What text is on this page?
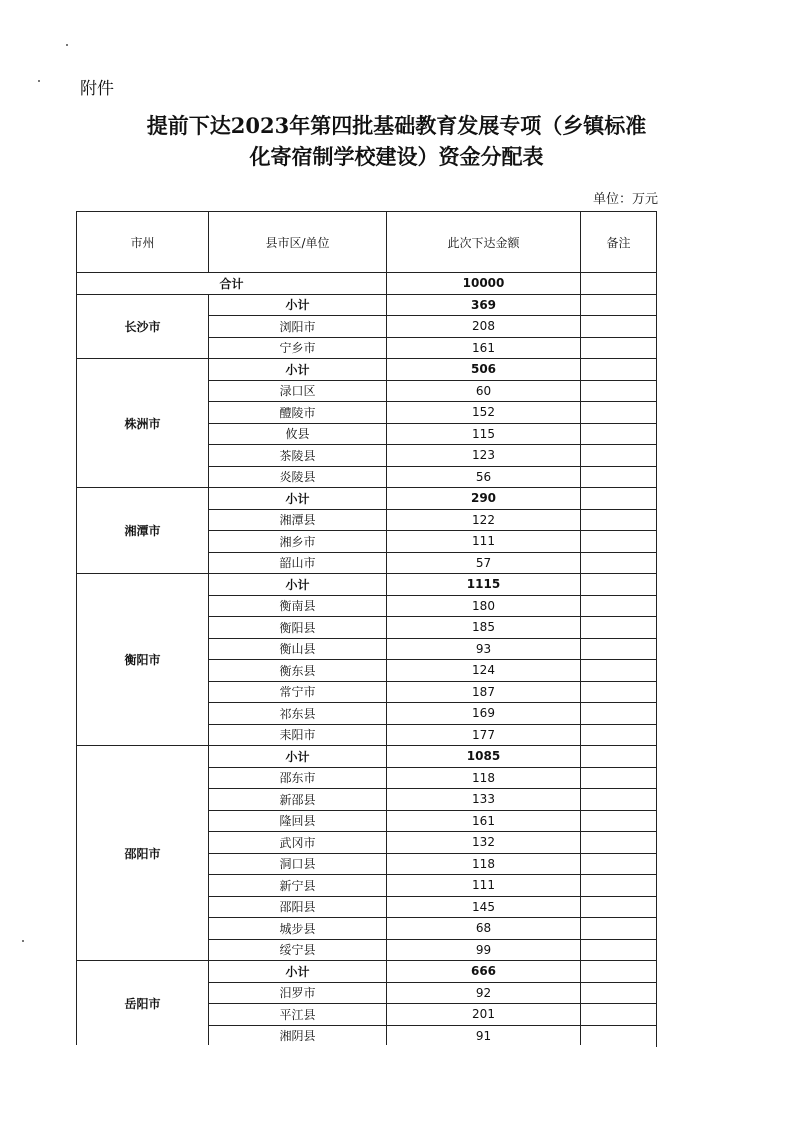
附件
提前下达2023年第四批基础教育发展专项（乡镇标准
化寄宿制学校建设）资金分配表
单位：万元
市州	县市区/单位	此次下达金额	备注
合计		10000	
长沙市	小计	369	
	浏阳市	208	
	宁乡市	161	
株洲市	小计	506	
	渌口区	60	
	醴陵市	152	
	攸县	115	
	茶陵县	123	
	炎陵县	56	
湘潭市	小计	290	
	湘潭县	122	
	湘乡市	111	
	韶山市	57	
衡阳市	小计	1115	
	衡南县	180	
	衡阳县	185	
	衡山县	93	
	衡东县	124	
	常宁市	187	
	祁东县	169	
	耒阳市	177	
邵阳市	小计	1085	
	邵东市	118	
	新邵县	133	
	隆回县	161	
	武冈市	132	
	洞口县	118	
	新宁县	111	
	邵阳县	145	
	城步县	68	
	绥宁县	99	
岳阳市	小计	666	
	汨罗市	92	
	平江县	201	
	湘阴县	91	
